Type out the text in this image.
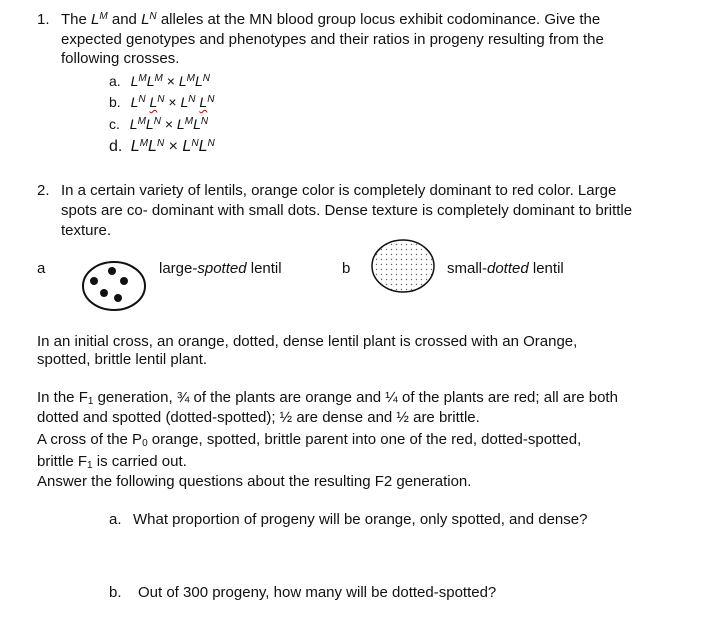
1. The $L^M$ and $L^N$ alleles at the MN blood group locus exhibit codominance. Give the
expected genotypes and phenotypes and their ratios in progeny resulting from the
following crosses.
a. $L^ML^M \times L^ML^N$
b. $L^N$ $L^N \times L^N$ $L^N$
c. $L^ML^N \times L^ML^N$
d. $L^ML^N \times L^NL^N$
2. In a certain variety of lentils, orange color is completely dominant to red color. Large
spots are co- dominant with small dots. Dense texture is completely dominant to brittle
texture.
a	large-spotted lentil	b	small-dotted lentil
In an initial cross, an orange, dotted, dense lentil plant is crossed with an Orange,
spotted, brittle lentil plant.
In the $F_1$ generation, ¾ of the plants are orange and ¼ of the plants are red; all are both
dotted and spotted (dotted-spotted); ½ are dense and ½ are brittle.
A cross of the $P_0$ orange, spotted, brittle parent into one of the red, dotted-spotted,
brittle $F_1$ is carried out.
Answer the following questions about the resulting F2 generation.
a. What proportion of progeny will be orange, only spotted, and dense?
b. Out of 300 progeny, how many will be dotted-spotted?
